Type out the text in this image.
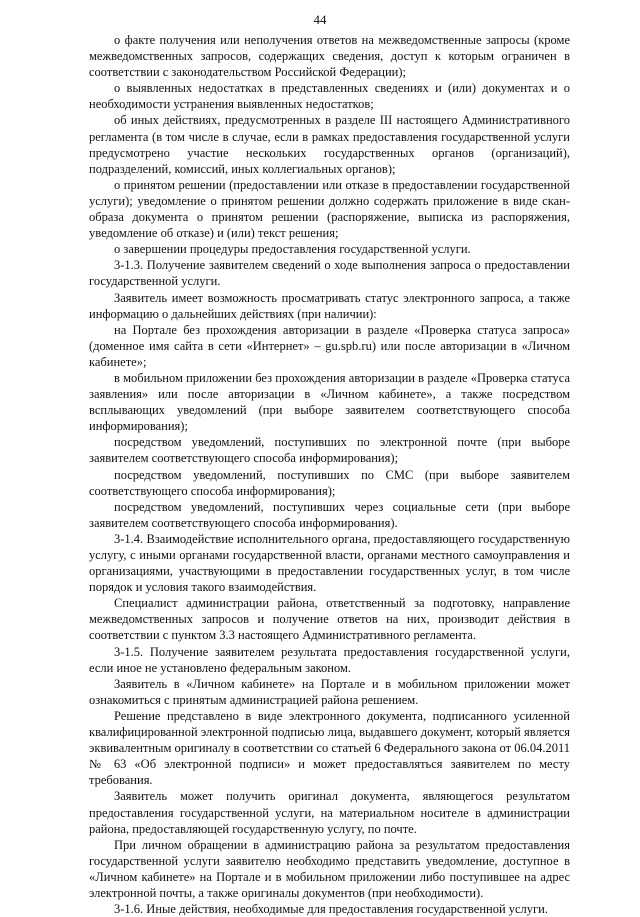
44

о факте получения или неполучения ответов на межведомственные запросы (кроме межведомственных запросов, содержащих сведения, доступ к которым ограничен в соответствии с законодательством Российской Федерации);

о выявленных недостатках в представленных сведениях и (или) документах и о необходимости устранения выявленных недостатков;

об иных действиях, предусмотренных в разделе III настоящего Административного регламента (в том числе в случае, если в рамках предоставления государственной услуги предусмотрено участие нескольких государственных органов (организаций), подразделений, комиссий, иных коллегиальных органов);

о принятом решении (предоставлении или отказе в предоставлении государственной услуги); уведомление о принятом решении должно содержать приложение в виде скан-образа документа о принятом решении (распоряжение, выписка из распоряжения, уведомление об отказе) и (или) текст решения;

о завершении процедуры предоставления государственной услуги.

3-1.3. Получение заявителем сведений о ходе выполнения запроса о предоставлении государственной услуги.

Заявитель имеет возможность просматривать статус электронного запроса, а также информацию о дальнейших действиях (при наличии):

на Портале без прохождения авторизации в разделе «Проверка статуса запроса» (доменное имя сайта в сети «Интернет» – gu.spb.ru) или после авторизации в «Личном кабинете»;

в мобильном приложении без прохождения авторизации в разделе «Проверка статуса заявления» или после авторизации в «Личном кабинете», а также посредством всплывающих уведомлений (при выборе заявителем соответствующего способа информирования);

посредством уведомлений, поступивших по электронной почте (при выборе заявителем соответствующего способа информирования);

посредством уведомлений, поступивших по СМС (при выборе заявителем соответствующего способа информирования);

посредством уведомлений, поступивших через социальные сети (при выборе заявителем соответствующего способа информирования).

3-1.4. Взаимодействие исполнительного органа, предоставляющего государственную услугу, с иными органами государственной власти, органами местного самоуправления и организациями, участвующими в предоставлении государственных услуг, в том числе порядок и условия такого взаимодействия.

Специалист администрации района, ответственный за подготовку, направление межведомственных запросов и получение ответов на них, производит действия в соответствии с пунктом 3.3 настоящего Административного регламента.

3-1.5. Получение заявителем результата предоставления государственной услуги, если иное не установлено федеральным законом.

Заявитель в «Личном кабинете» на Портале и в мобильном приложении может ознакомиться с принятым администрацией района решением.

Решение представлено в виде электронного документа, подписанного усиленной квалифицированной электронной подписью лица, выдавшего документ, который является эквивалентным оригиналу в соответствии со статьей 6 Федерального закона от 06.04.2011 № 63 «Об электронной подписи» и может предоставляться заявителем по месту требования.

Заявитель может получить оригинал документа, являющегося результатом предоставления государственной услуги, на материальном носителе в администрации района, предоставляющей государственную услугу, по почте.

При личном обращении в администрацию района за результатом предоставления государственной услуги заявителю необходимо представить уведомление, доступное в «Личном кабинете» на Портале и в мобильном приложении либо поступившее на адрес электронной почты, а также оригиналы документов (при необходимости).

3-1.6. Иные действия, необходимые для предоставления государственной услуги.
